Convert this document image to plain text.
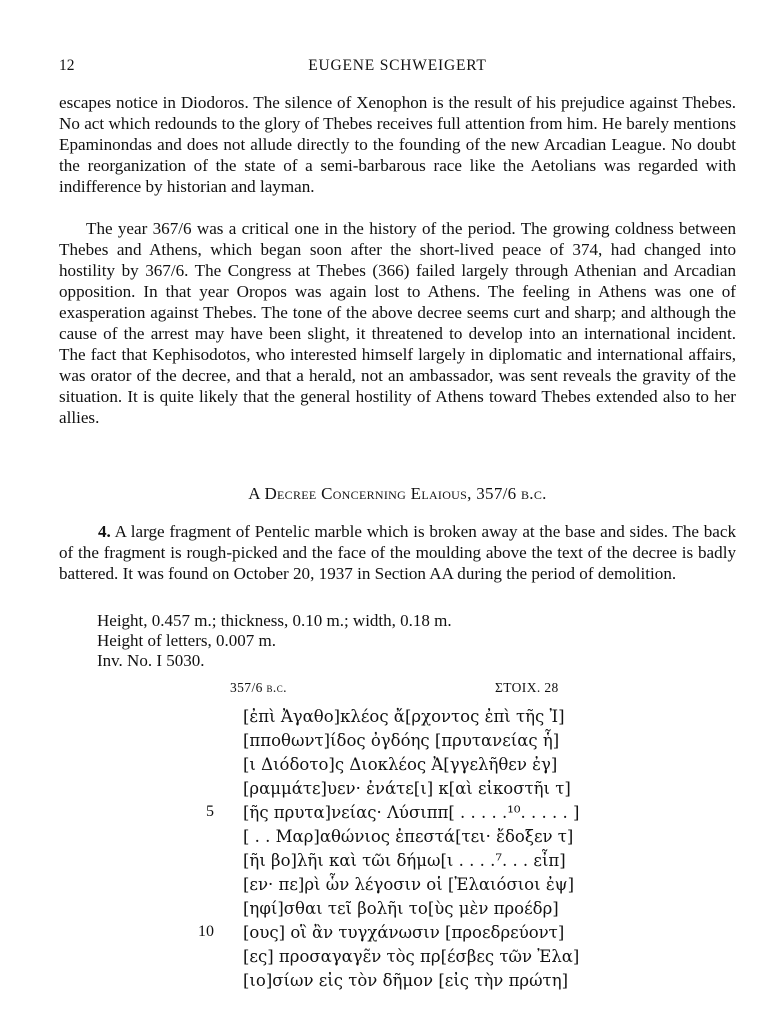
12	EUGENE SCHWEIGERT

escapes notice in Diodoros. The silence of Xenophon is the result of his prejudice against Thebes. No act which redounds to the glory of Thebes receives full attention from him. He barely mentions Epaminondas and does not allude directly to the founding of the new Arcadian League. No doubt the reorganization of the state of a semi-barbarous race like the Aetolians was regarded with indifference by historian and layman.

The year 367/6 was a critical one in the history of the period. The growing coldness between Thebes and Athens, which began soon after the short-lived peace of 374, had changed into hostility by 367/6. The Congress at Thebes (366) failed largely through Athenian and Arcadian opposition. In that year Oropos was again lost to Athens. The feeling in Athens was one of exasperation against Thebes. The tone of the above decree seems curt and sharp; and although the cause of the arrest may have been slight, it threatened to develop into an international incident. The fact that Kephisodotos, who interested himself largely in diplomatic and international affairs, was orator of the decree, and that a herald, not an ambassador, was sent reveals the gravity of the situation. It is quite likely that the general hostility of Athens toward Thebes extended also to her allies.

A Decree Concerning Elaious, 357/6 b.c.

4. A large fragment of Pentelic marble which is broken away at the base and sides. The back of the fragment is rough-picked and the face of the moulding above the text of the decree is badly battered. It was found on October 20, 1937 in Section AA during the period of demolition.

Height, 0.457 m.; thickness, 0.10 m.; width, 0.18 m.
Height of letters, 0.007 m.
Inv. No. I 5030.
357/6 b.c.	ΣΤΟΙΧ. 28
[ἐπὶ Ἀγαθο]κλέος ἄ[ρχοντος ἐπὶ τῆς Ἰ]
[πποθωντ]ίδος ὀγδόης [πρυτανείας ἧ]
[ι Διόδοτο]ς Διοκλέος Ἀ[γγελῆθεν ἐγ]
[ραμμάτε]υεν· ἐνάτε[ι] κ[αὶ εἰκοστῆι τ]
5 [ῆς πρυτα]νείας· Λύσιππ[ . . . . .¹⁰. . . . . ]
[ . . Μαρ]αθώνιος ἐπεστά[τει· ἔδοξεν τ]
[ῆι βο]λῆι καὶ τῶι δήμω[ι . . . .⁷. . . εἶπ]
[εν· πε]ρὶ ὧν λέγοσιν οἱ [Ἐλαιόσιοι ἐψ]
[ηφί]σθαι τεῖ βολῆι το[ὺς μὲν προέδρ]
10 [ους] οἳ ἂν τυγχάνωσιν [προεδρεύοντ]
[ες] προσαγαγε̃ν τὸς πρ[έσβες τῶν Ἐλα]
[ιο]σίων εἰς τὸν δῆμον [εἰς τὴν πρώτη]
